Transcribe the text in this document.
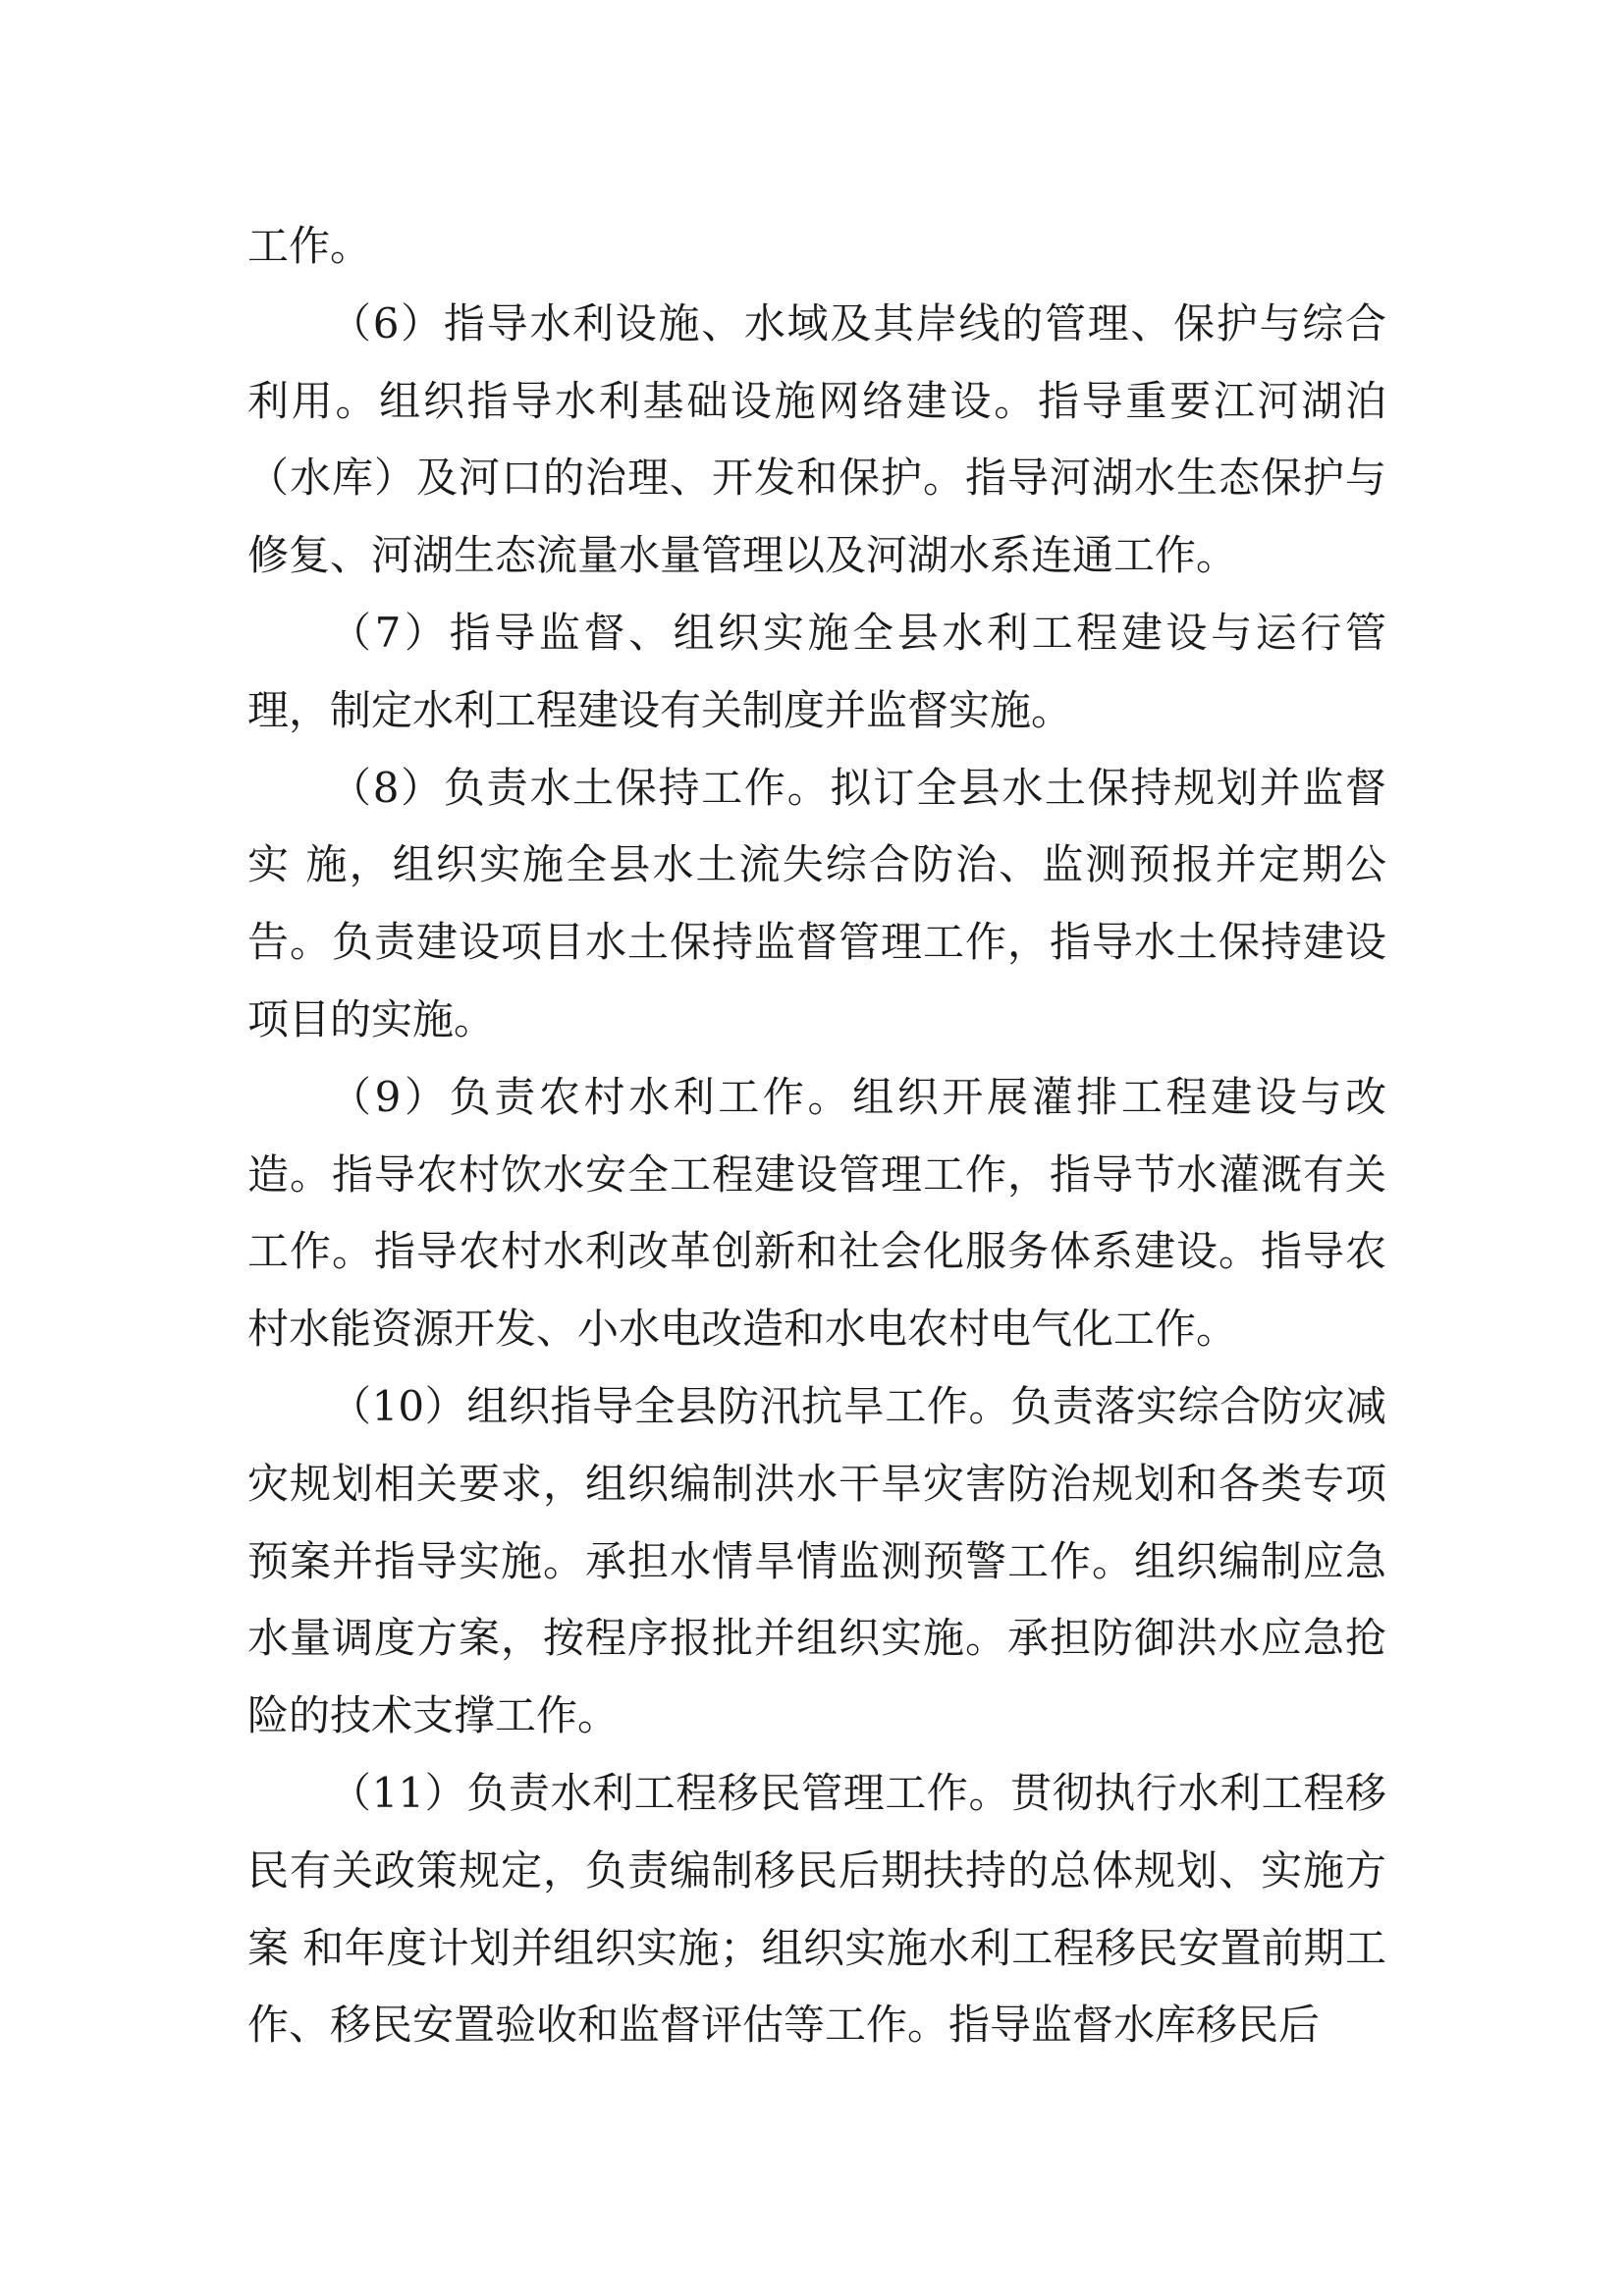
工作。

（6）指导水利设施、水域及其岸线的管理、保护与综合利用。组织指导水利基础设施网络建设。指导重要江河湖泊（水库）及河口的治理、开发和保护。指导河湖水生态保护与修复、河湖生态流量水量管理以及河湖水系连通工作。

（7）指导监督、组织实施全县水利工程建设与运行管理，制定水利工程建设有关制度并监督实施。

（8）负责水土保持工作。拟订全县水土保持规划并监督实 施，组织实施全县水土流失综合防治、监测预报并定期公告。负责建设项目水土保持监督管理工作，指导水土保持建设项目的实施。

（9）负责农村水利工作。组织开展灌排工程建设与改造。指导农村饮水安全工程建设管理工作，指导节水灌溉有关工作。指导农村水利改革创新和社会化服务体系建设。指导农村水能资源开发、小水电改造和水电农村电气化工作。

（10）组织指导全县防汛抗旱工作。负责落实综合防灾减灾规划相关要求，组织编制洪水干旱灾害防治规划和各类专项预案并指导实施。承担水情旱情监测预警工作。组织编制应急水量调度方案，按程序报批并组织实施。承担防御洪水应急抢险的技术支撑工作。

（11）负责水利工程移民管理工作。贯彻执行水利工程移民有关政策规定，负责编制移民后期扶持的总体规划、实施方案 和年度计划并组织实施；组织实施水利工程移民安置前期工作、移民安置验收和监督评估等工作。指导监督水库移民后
